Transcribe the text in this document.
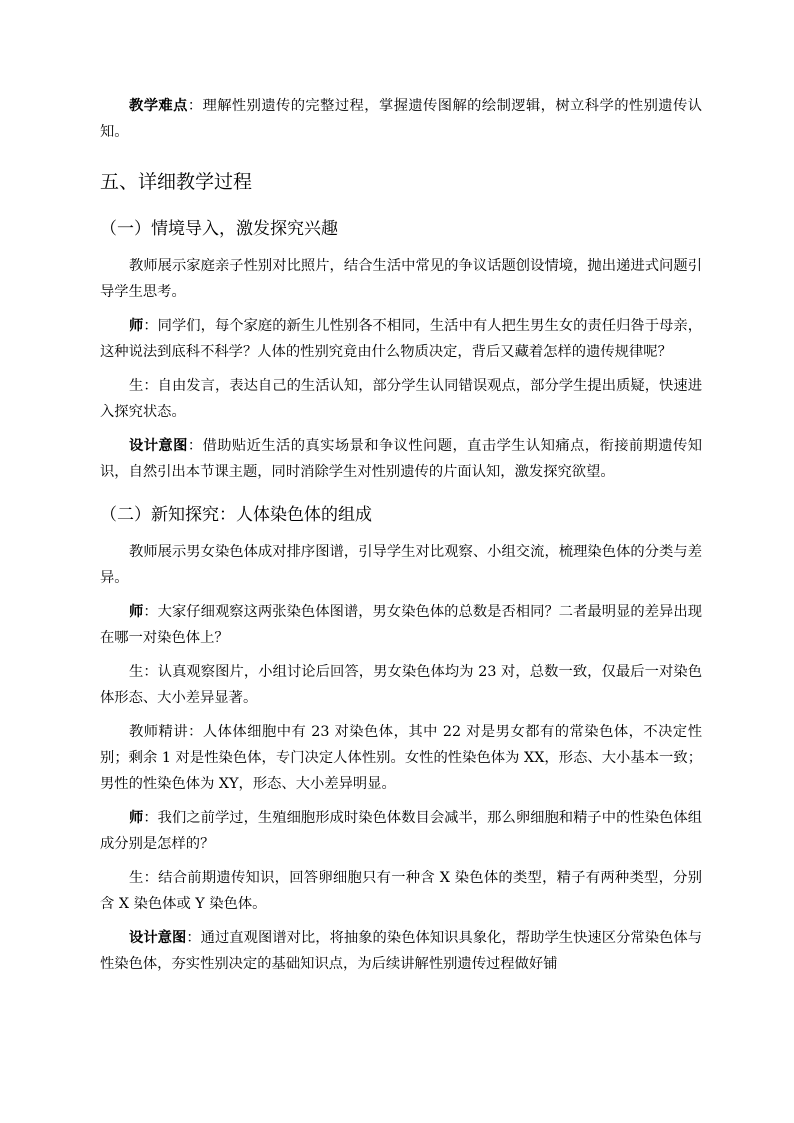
教学难点：理解性别遗传的完整过程，掌握遗传图解的绘制逻辑，树立科学的性别遗传认知。

五、详细教学过程
（一）情境导入，激发探究兴趣

教师展示家庭亲子性别对比照片，结合生活中常见的争议话题创设情境，抛出递进式问题引导学生思考。

师：同学们，每个家庭的新生儿性别各不相同，生活中有人把生男生女的责任归咎于母亲，这种说法到底科不科学？人体的性别究竟由什么物质决定，背后又藏着怎样的遗传规律呢？

生：自由发言，表达自己的生活认知，部分学生认同错误观点，部分学生提出质疑，快速进入探究状态。

设计意图：借助贴近生活的真实场景和争议性问题，直击学生认知痛点，衔接前期遗传知识，自然引出本节课主题，同时消除学生对性别遗传的片面认知，激发探究欲望。

（二）新知探究：人体染色体的组成

教师展示男女染色体成对排序图谱，引导学生对比观察、小组交流，梳理染色体的分类与差异。

师：大家仔细观察这两张染色体图谱，男女染色体的总数是否相同？二者最明显的差异出现在哪一对染色体上？

生：认真观察图片，小组讨论后回答，男女染色体均为 23 对，总数一致，仅最后一对染色体形态、大小差异显著。

教师精讲：人体体细胞中有 23 对染色体，其中 22 对是男女都有的常染色体，不决定性别；剩余 1 对是性染色体，专门决定人体性别。女性的性染色体为 XX，形态、大小基本一致；男性的性染色体为 XY，形态、大小差异明显。

师：我们之前学过，生殖细胞形成时染色体数目会减半，那么卵细胞和精子中的性染色体组成分别是怎样的？

生：结合前期遗传知识，回答卵细胞只有一种含 X 染色体的类型，精子有两种类型，分别含 X 染色体或 Y 染色体。

设计意图：通过直观图谱对比，将抽象的染色体知识具象化，帮助学生快速区分常染色体与性染色体，夯实性别决定的基础知识点，为后续讲解性别遗传过程做好铺
